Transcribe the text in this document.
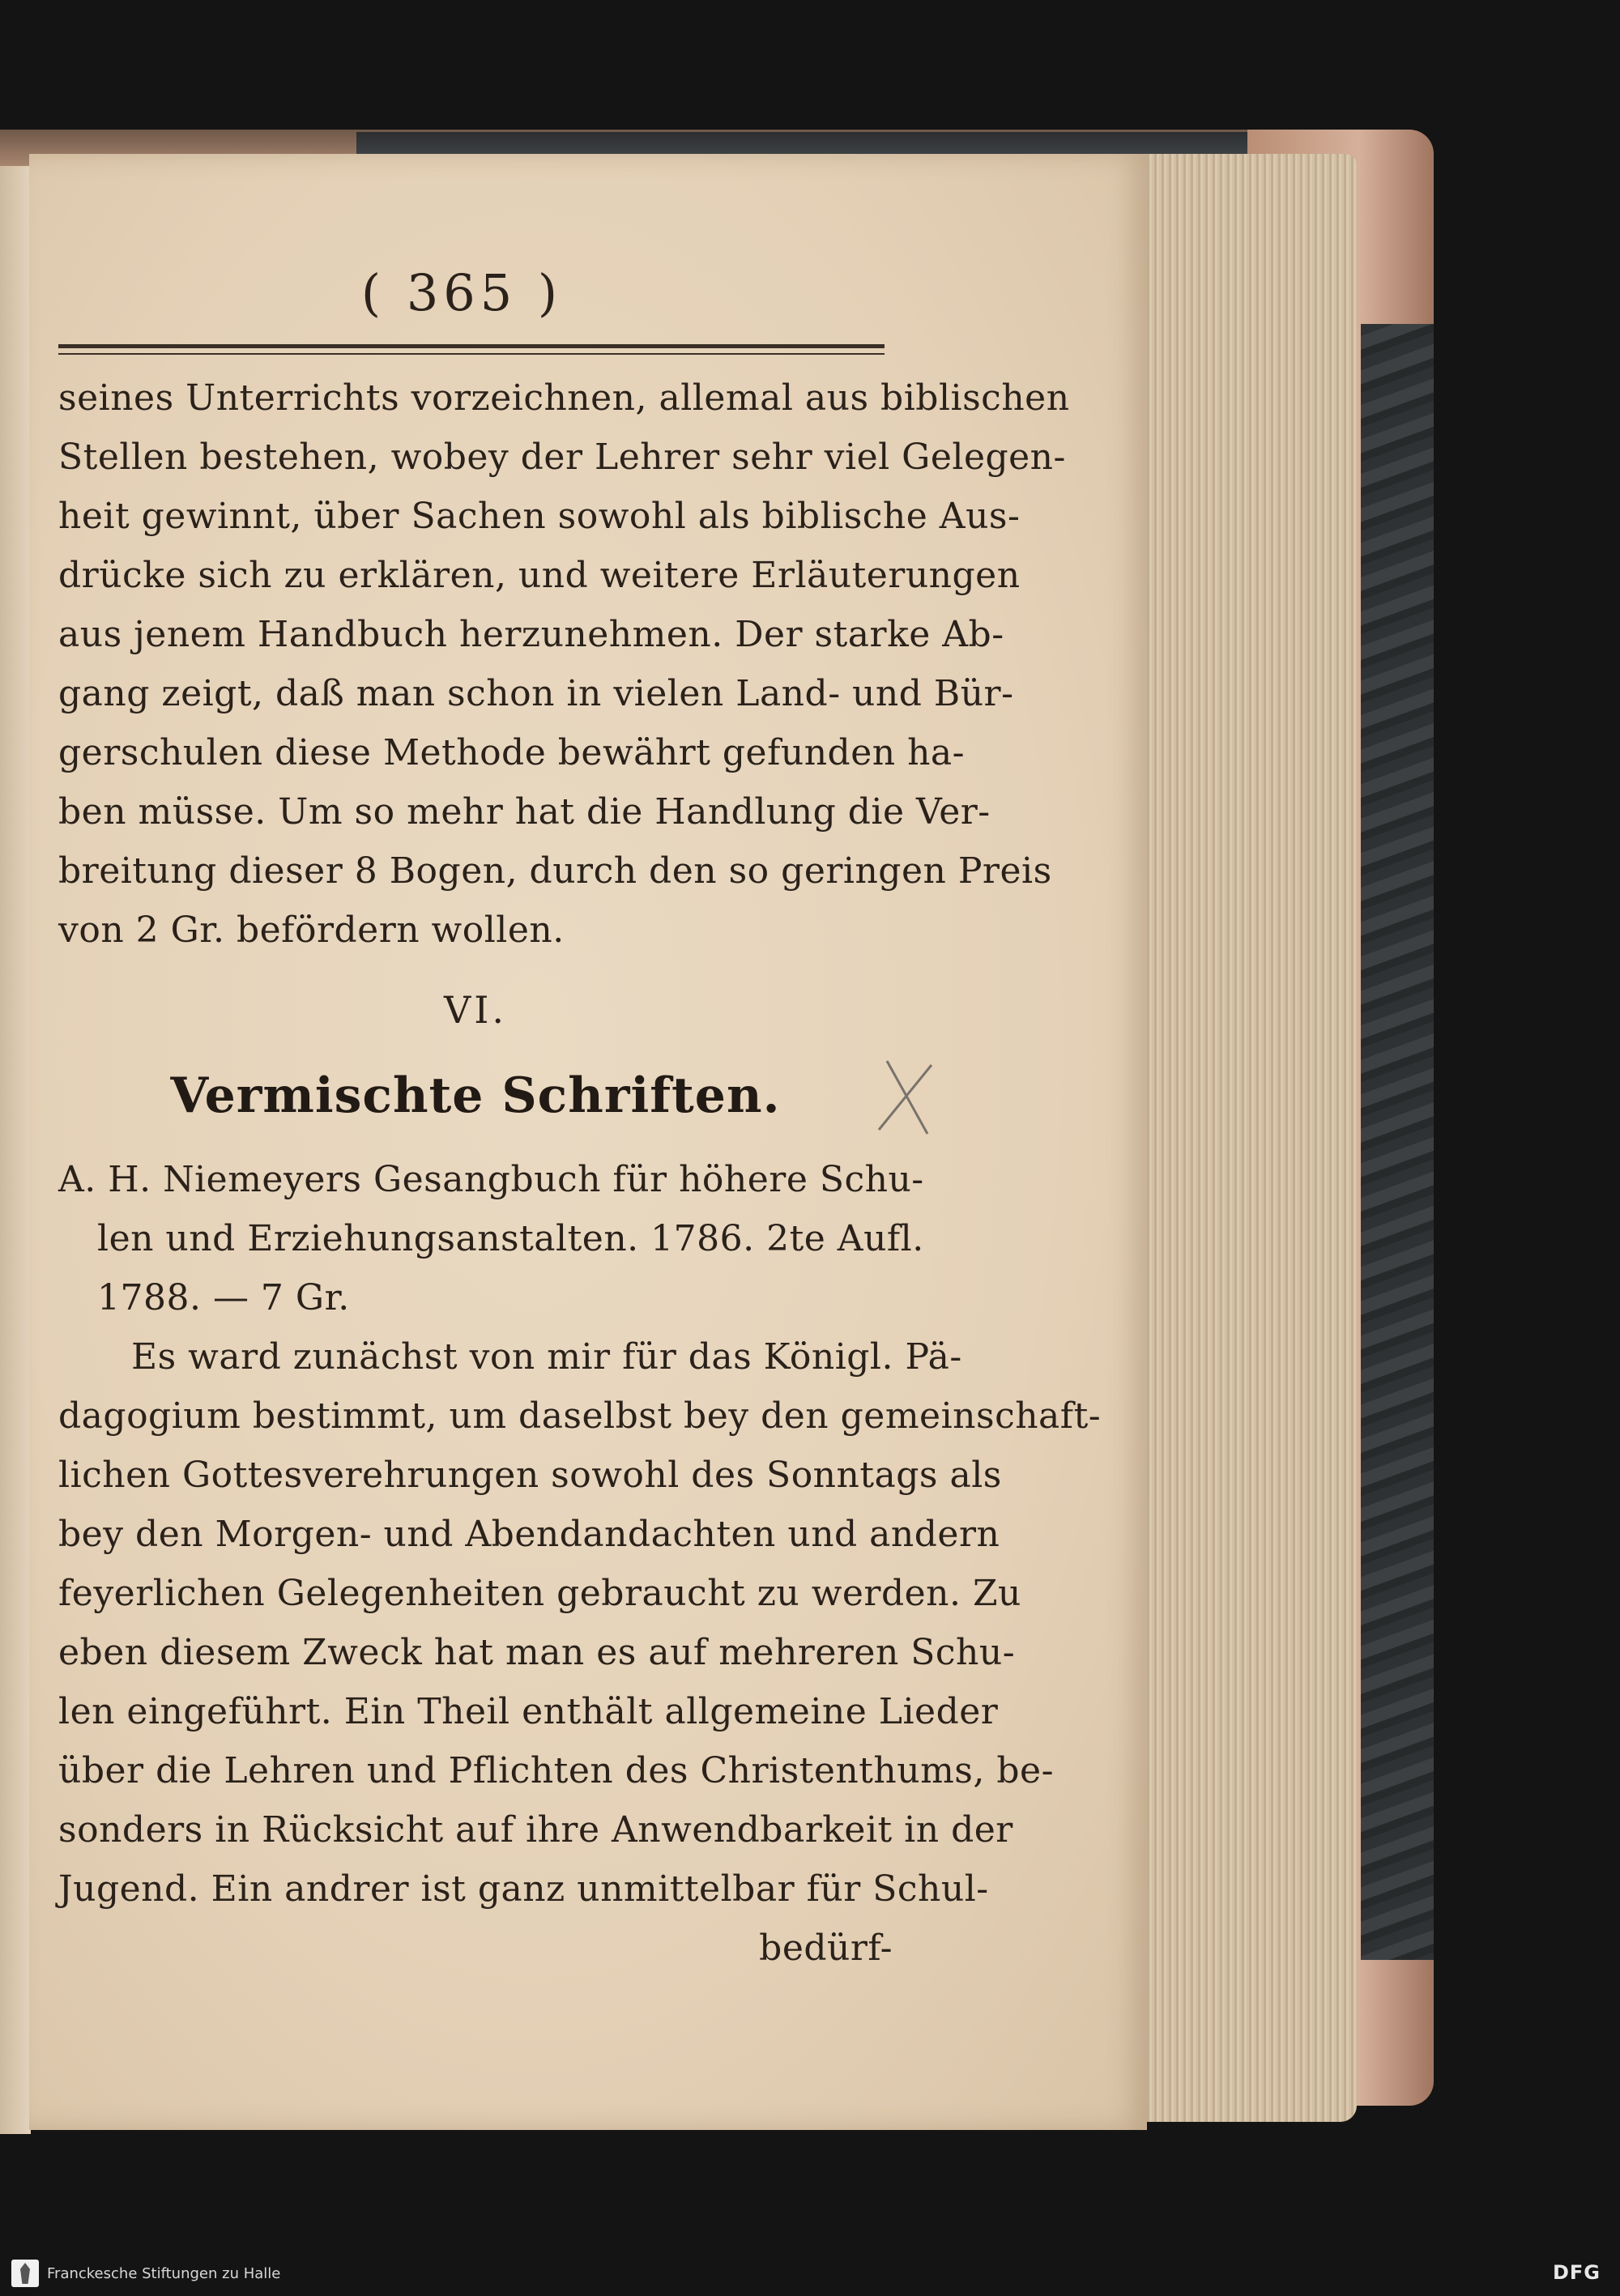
( 365 )
seines Unterrichts vorzeichnen, allemal aus biblischen
Stellen bestehen, wobey der Lehrer sehr viel Gelegen-
heit gewinnt, über Sachen sowohl als biblische Aus-
drücke sich zu erklären, und weitere Erläuterungen
aus jenem Handbuch herzunehmen. Der starke Ab-
gang zeigt, daß man schon in vielen Land- und Bür-
gerschulen diese Methode bewährt gefunden ha-
ben müsse. Um so mehr hat die Handlung die Ver-
breitung dieser 8 Bogen, durch den so geringen Preis
von 2 Gr. befördern wollen.
VI.
Vermischte Schriften.
A. H. Niemeyers Gesangbuch für höhere Schu-
len und Erziehungsanstalten. 1786. 2te Aufl.
1788. — 7 Gr.
Es ward zunächst von mir für das Königl. Pä-
dagogium bestimmt, um daselbst bey den gemeinschaft-
lichen Gottesverehrungen sowohl des Sonntags als
bey den Morgen- und Abendandachten und andern
feyerlichen Gelegenheiten gebraucht zu werden. Zu
eben diesem Zweck hat man es auf mehreren Schu-
len eingeführt. Ein Theil enthält allgemeine Lieder
über die Lehren und Pflichten des Christenthums, be-
sonders in Rücksicht auf ihre Anwendbarkeit in der
Jugend. Ein andrer ist ganz unmittelbar für Schul-
bedürf-
Franckesche Stiftungen zu Halle	DFG
